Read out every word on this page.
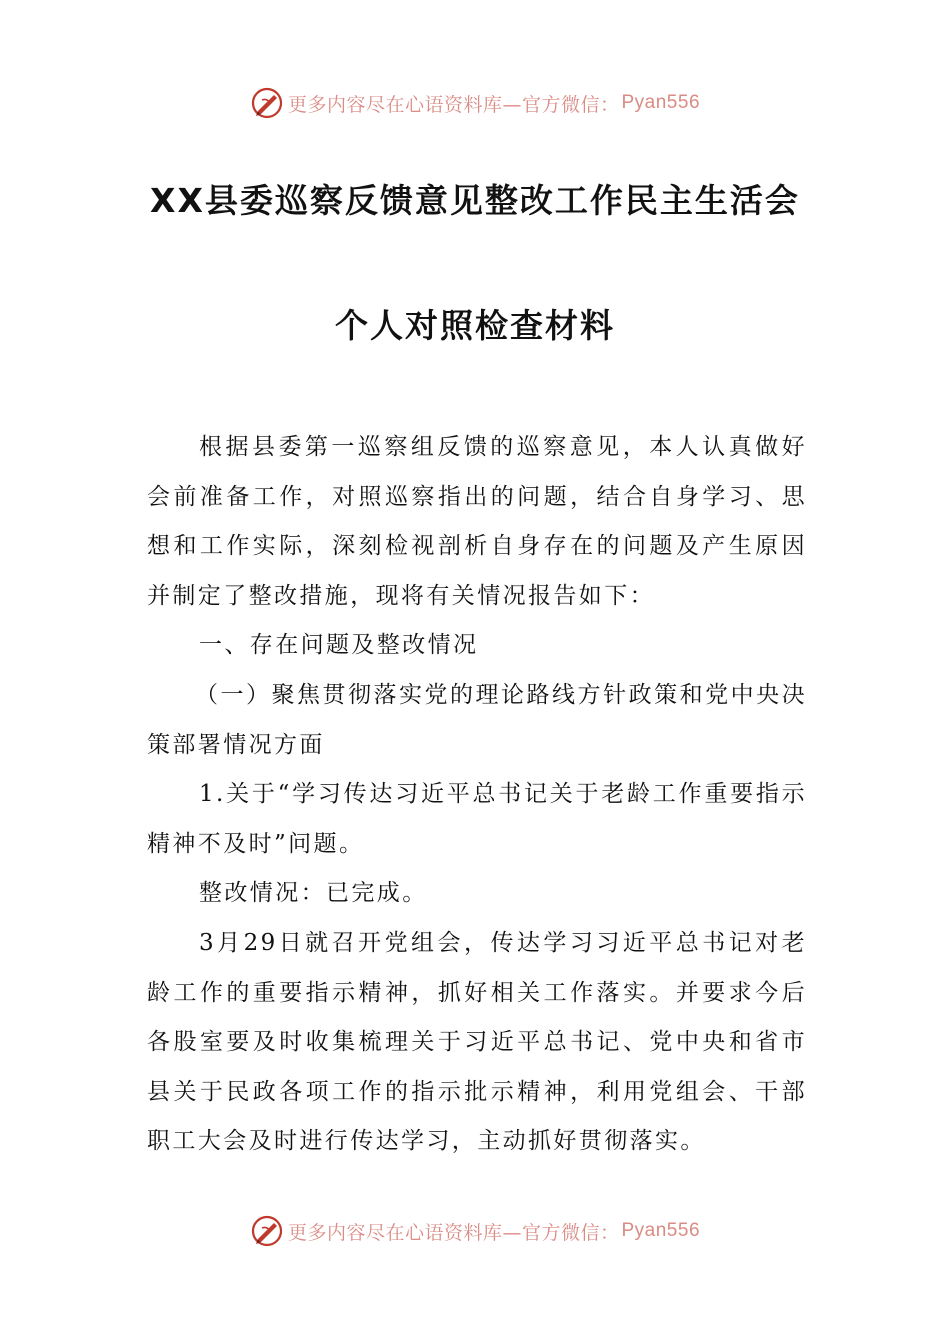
更多内容尽在心语资料库—官方微信： Pyan556
XX县委巡察反馈意见整改工作民主生活会
个人对照检查材料

根据县委第一巡察组反馈的巡察意见，本人认真做好会前准备工作，对照巡察指出的问题，结合自身学习、思想和工作实际，深刻检视剖析自身存在的问题及产生原因并制定了整改措施，现将有关情况报告如下：

一、存在问题及整改情况

（一）聚焦贯彻落实党的理论路线方针政策和党中央决策部署情况方面

1.关于“学习传达习近平总书记关于老龄工作重要指示精神不及时”问题。

整改情况：已完成。

3月29日就召开党组会，传达学习习近平总书记对老龄工作的重要指示精神，抓好相关工作落实。并要求今后各股室要及时收集梳理关于习近平总书记、党中央和省市县关于民政各项工作的指示批示精神，利用党组会、干部职工大会及时进行传达学习，主动抓好贯彻落实。

更多内容尽在心语资料库—官方微信： Pyan556
